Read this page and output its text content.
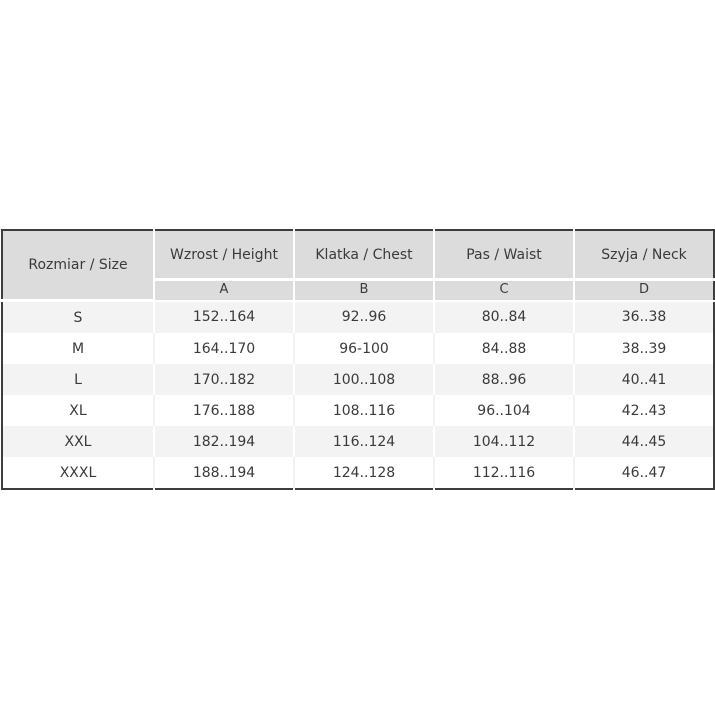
Rozmiar / Size	Wzrost / Height	Klatka / Chest	Pas / Waist	Szyja / Neck
	A	B	C	D
S	152..164	92..96	80..84	36..38
M	164..170	96-100	84..88	38..39
L	170..182	100..108	88..96	40..41
XL	176..188	108..116	96..104	42..43
XXL	182..194	116..124	104..112	44..45
XXXL	188..194	124..128	112..116	46..47
